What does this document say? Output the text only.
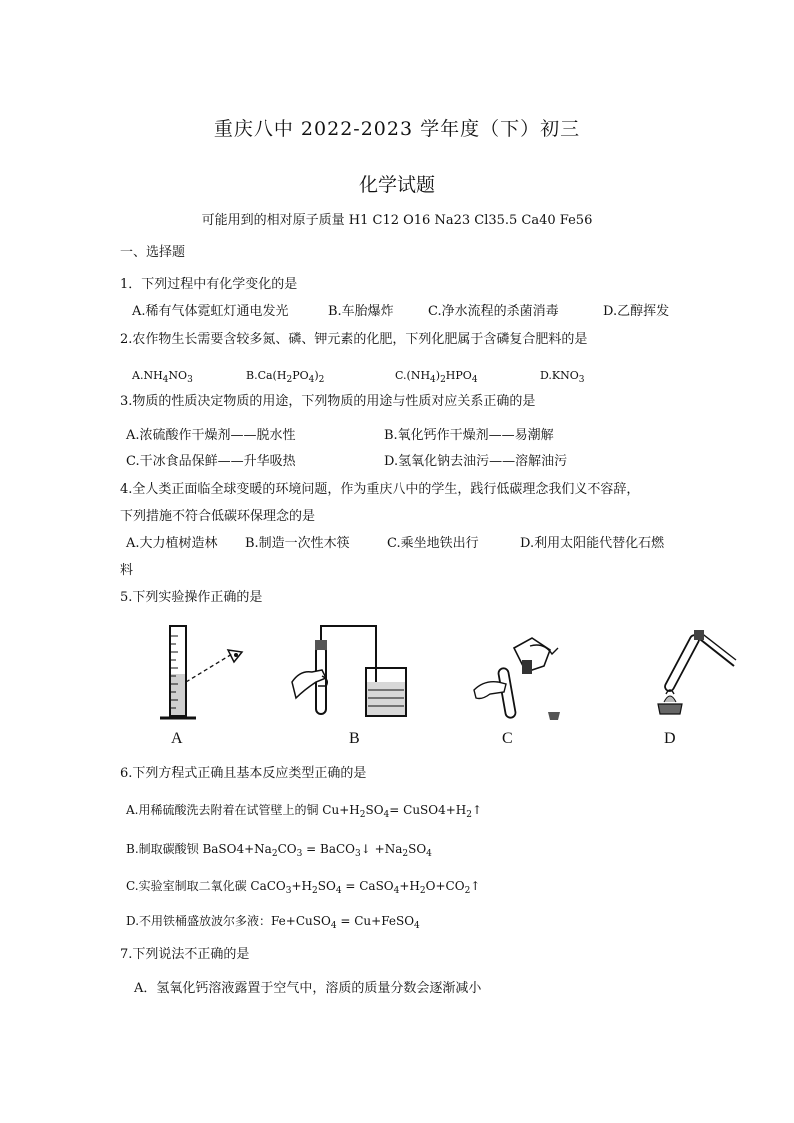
重庆八中 2022-2023 学年度（下）初三
化学试题
可能用到的相对原子质量 H1 C12 O16 Na23 Cl35.5 Ca40 Fe56
一、选择题
1．下列过程中有化学变化的是
A.稀有气体霓虹灯通电发光	B.车胎爆炸	C.净水流程的杀菌消毒	D.乙醇挥发
2.农作物生长需要含较多氮、磷、钾元素的化肥，下列化肥属于含磷复合肥料的是
$A.NH_4NO_3$	$B.Ca(H_2PO_4)_2$	$C.(NH_4)_2HPO_4$	$D.KNO_3$
3.物质的性质决定物质的用途，下列物质的用途与性质对应关系正确的是
A.浓硫酸作干燥剂——脱水性	B.氧化钙作干燥剂——易潮解
C.干冰食品保鲜——升华吸热	D.氢氧化钠去油污——溶解油污
4.全人类正面临全球变暖的环境问题，作为重庆八中的学生，践行低碳理念我们义不容辞，
下列措施不符合低碳环保理念的是
A.大力植树造林 B.制造一次性木筷	C.乘坐地铁出行	D.利用太阳能代替化石燃
料
5.下列实验操作正确的是
A	B	C	D
6.下列方程式正确且基本反应类型正确的是
A.用稀硫酸洗去附着在试管壁上的铜 $Cu+H_2SO_4=$ $CuSO4+H_2↑$
B.制取碳酸钡 $BaSO4+Na_2CO_3$ = BaCO$_3$↓ $+Na_2SO_4$
C.实验室制取二氧化碳 $CaCO_3+H_2SO_4$ = $CaSO_4+H_2O+CO_2↑$
D.不用铁桶盛放波尔多液：Fe+CuSO$_4$ = Cu+FeSO$_4$
7.下列说法不正确的是
A．氢氧化钙溶液露置于空气中，溶质的质量分数会逐渐减小
